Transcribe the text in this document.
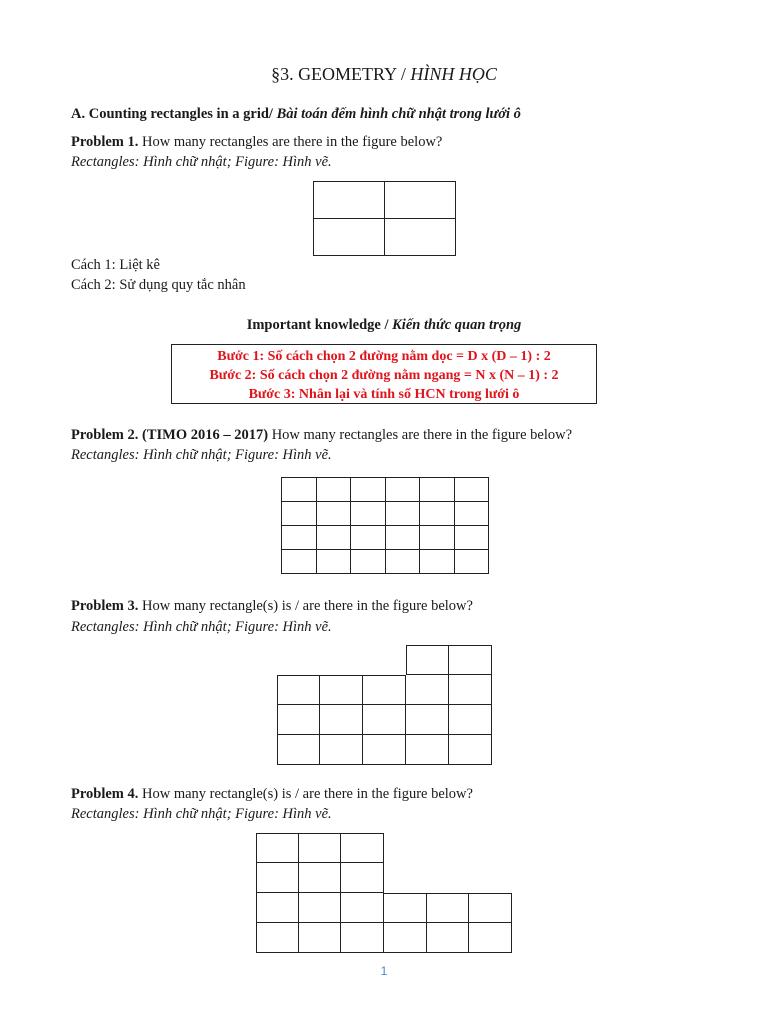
§3. GEOMETRY / HÌNH HỌC
A. Counting rectangles in a grid/ Bài toán đếm hình chữ nhật trong lưới ô
Problem 1. How many rectangles are there in the figure below?
Rectangles: Hình chữ nhật; Figure: Hình vẽ.
Cách 1: Liệt kê
Cách 2: Sử dụng quy tắc nhân
Important knowledge / Kiến thức quan trọng
Bước 1: Số cách chọn 2 đường nằm dọc = D x (D – 1) : 2
Bước 2: Số cách chọn 2 đường nằm ngang = N x (N – 1) : 2
Bước 3: Nhân lại và tính số HCN trong lưới ô
Problem 2. (TIMO 2016 – 2017) How many rectangles are there in the figure below?
Rectangles: Hình chữ nhật; Figure: Hình vẽ.
Problem 3. How many rectangle(s) is / are there in the figure below?
Rectangles: Hình chữ nhật; Figure: Hình vẽ.
Problem 4. How many rectangle(s) is / are there in the figure below?
Rectangles: Hình chữ nhật; Figure: Hình vẽ.
1
